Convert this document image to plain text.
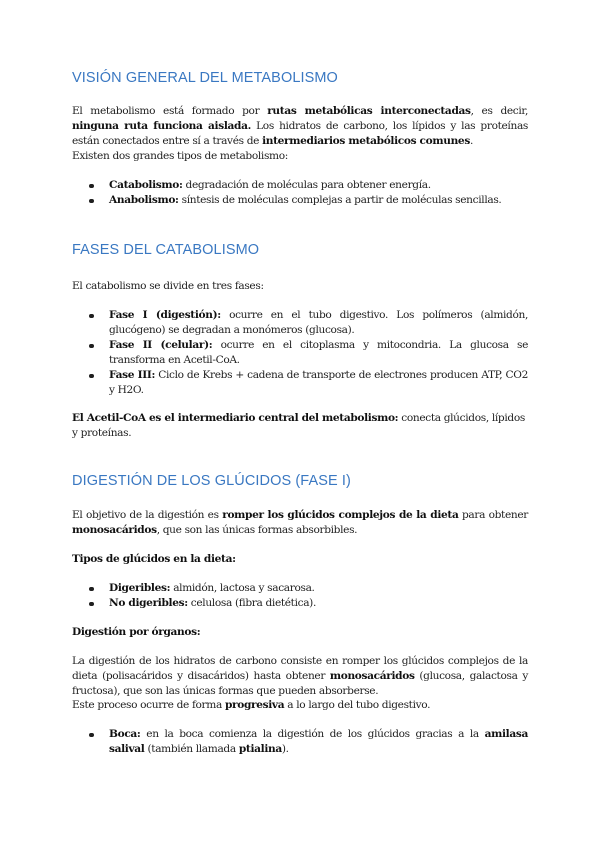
VISIÓN GENERAL DEL METABOLISMO

El metabolismo está formado por rutas metabólicas interconectadas, es decir, ninguna ruta funciona aislada. Los hidratos de carbono, los lípidos y las proteínas están conectados entre sí a través de intermediarios metabólicos comunes.

Existen dos grandes tipos de metabolismo:

Catabolismo: degradación de moléculas para obtener energía.
Anabolismo: síntesis de moléculas complejas a partir de moléculas sencillas.
FASES DEL CATABOLISMO

El catabolismo se divide en tres fases:

Fase I (digestión): ocurre en el tubo digestivo. Los polímeros (almidón, glucógeno) se degradan a monómeros (glucosa).
Fase II (celular): ocurre en el citoplasma y mitocondria. La glucosa se transforma en Acetil-CoA.
Fase III: Ciclo de Krebs + cadena de transporte de electrones producen ATP, CO2 y H2O.

El Acetil-CoA es el intermediario central del metabolismo: conecta glúcidos, lípidos y proteínas.

DIGESTIÓN DE LOS GLÚCIDOS (FASE I)

El objetivo de la digestión es romper los glúcidos complejos de la dieta para obtener monosacáridos, que son las únicas formas absorbibles.

Tipos de glúcidos en la dieta:

Digeribles: almidón, lactosa y sacarosa.
No digeribles: celulosa (fibra dietética).

Digestión por órganos:

La digestión de los hidratos de carbono consiste en romper los glúcidos complejos de la dieta (polisacáridos y disacáridos) hasta obtener monosacáridos (glucosa, galactosa y fructosa), que son las únicas formas que pueden absorberse.

Este proceso ocurre de forma progresiva a lo largo del tubo digestivo.

Boca: en la boca comienza la digestión de los glúcidos gracias a la amilasa salival (también llamada ptialina).
